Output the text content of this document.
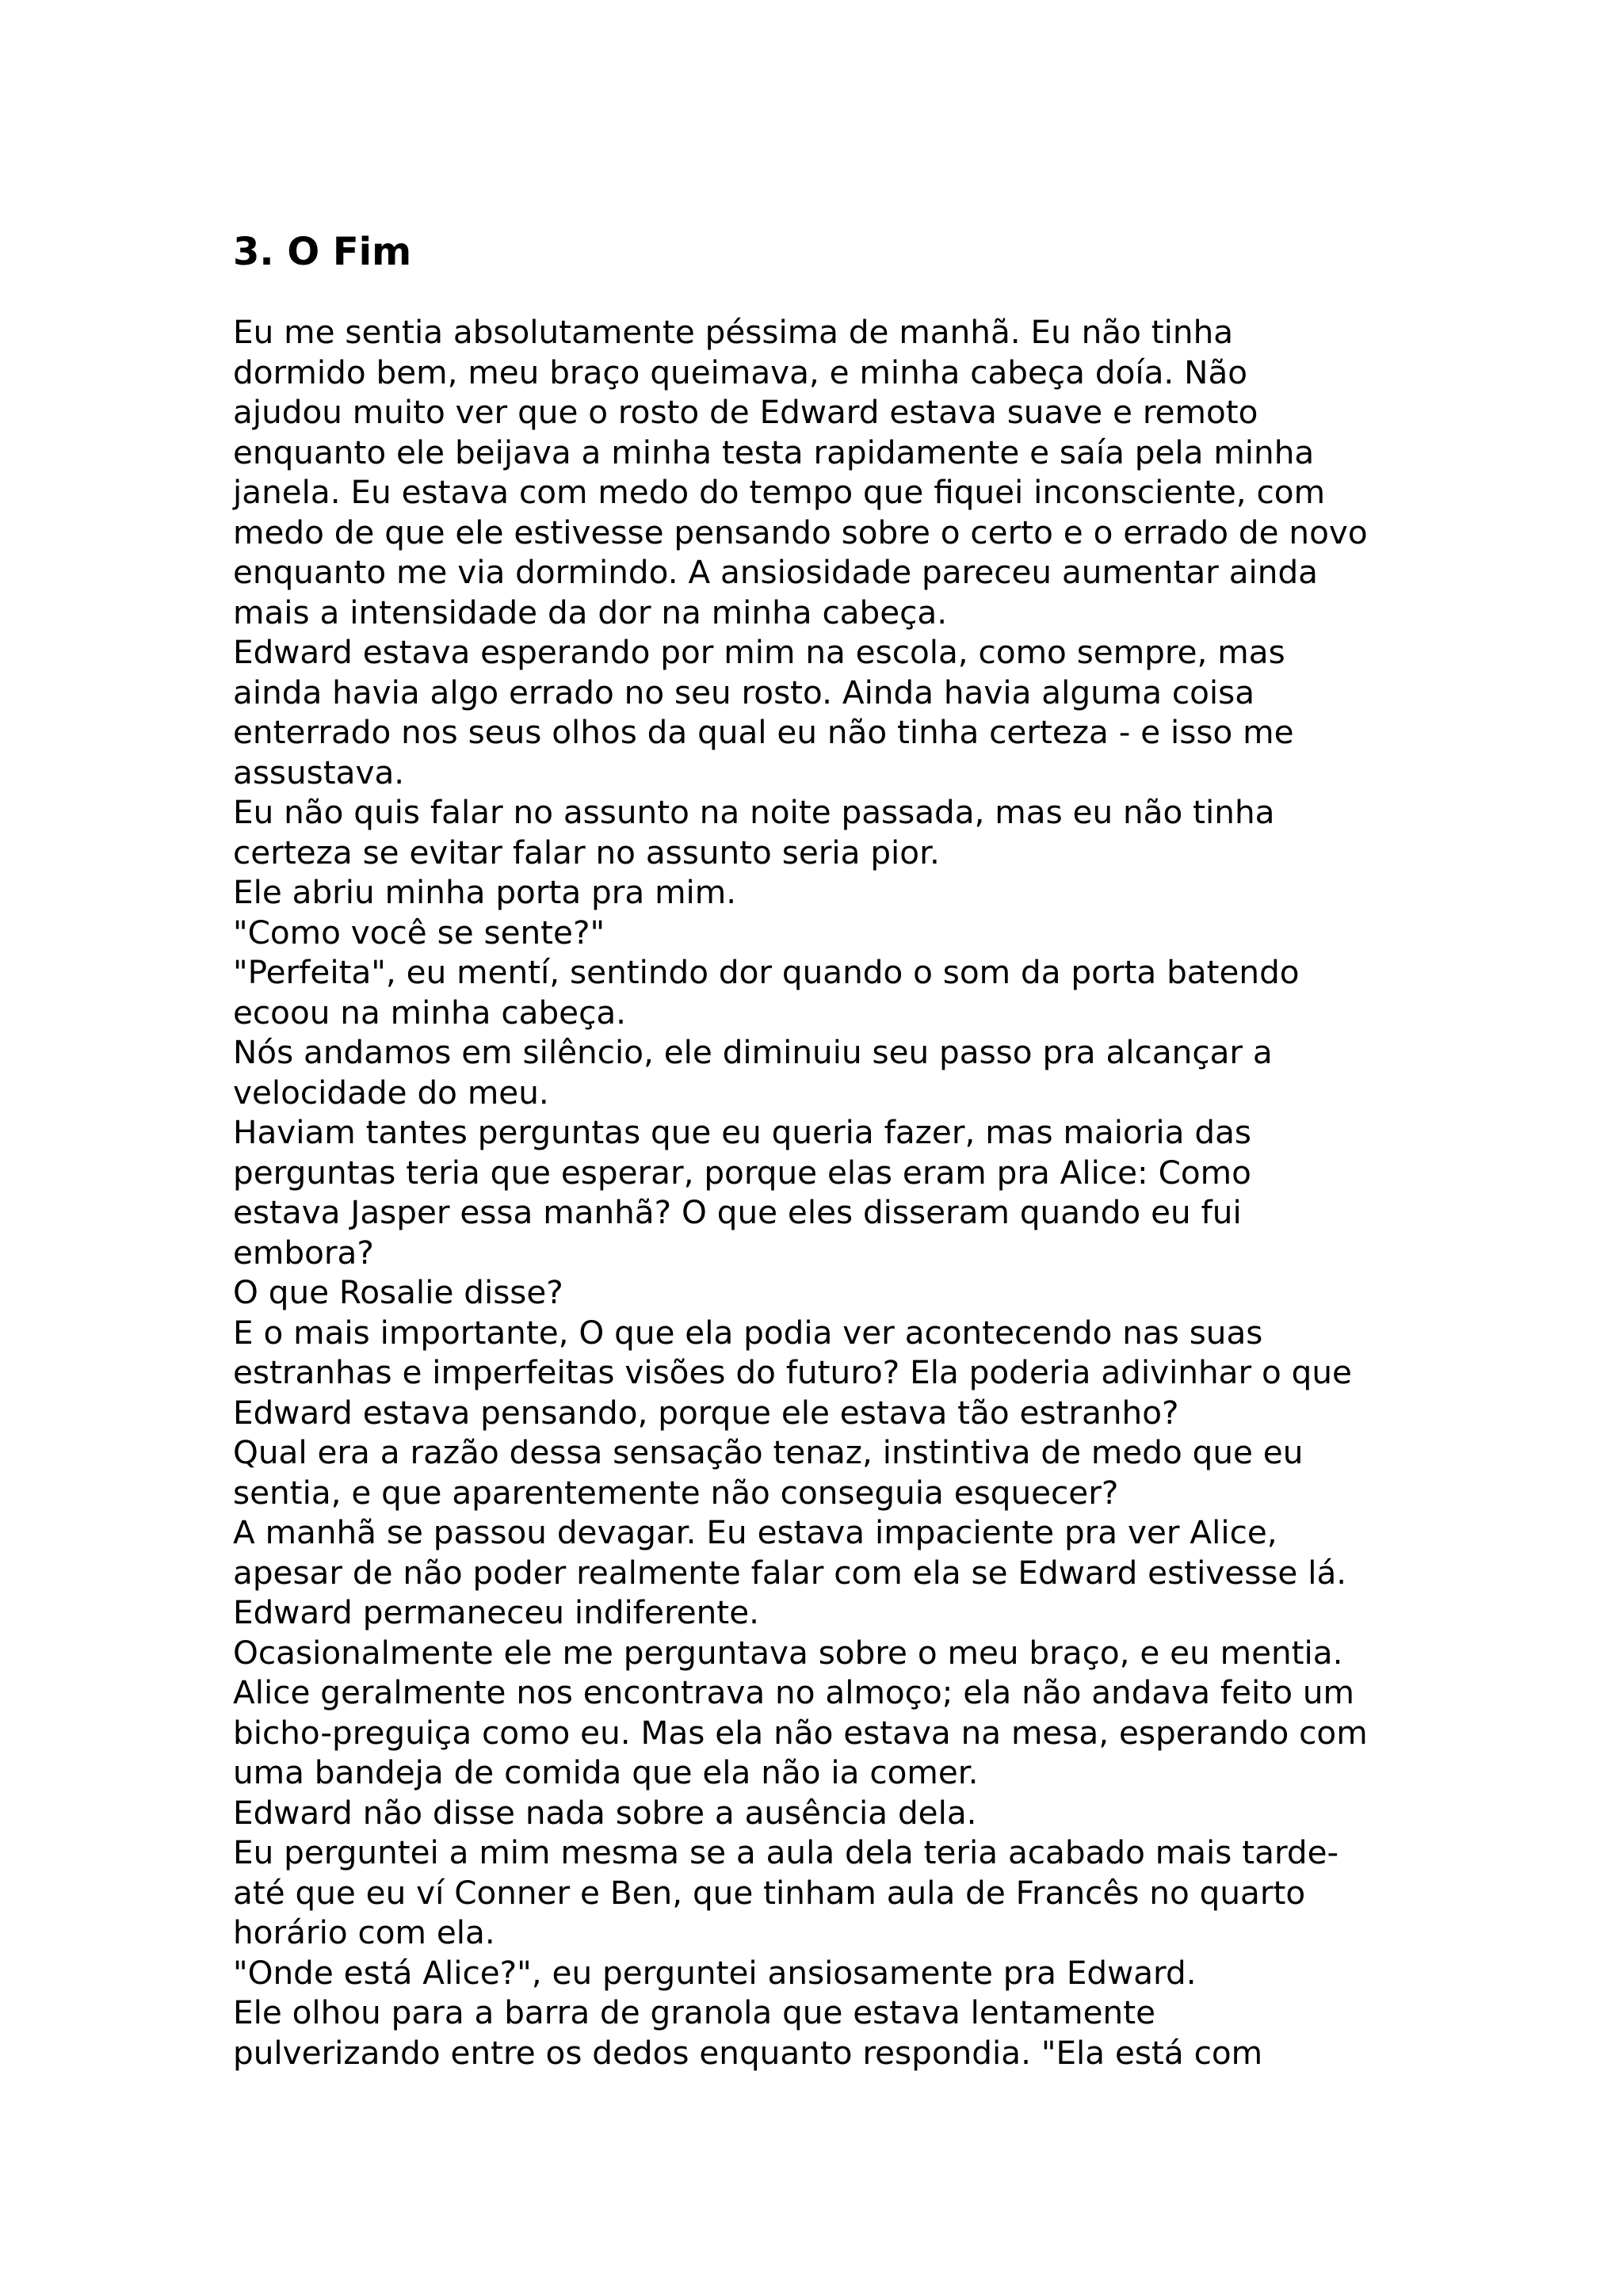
3. O Fim
Eu me sentia absolutamente péssima de manhã. Eu não tinha
dormido bem, meu braço queimava, e minha cabeça doía. Não
ajudou muito ver que o rosto de Edward estava suave e remoto
enquanto ele beijava a minha testa rapidamente e saía pela minha
janela. Eu estava com medo do tempo que fiquei inconsciente, com
medo de que ele estivesse pensando sobre o certo e o errado de novo
enquanto me via dormindo. A ansiosidade pareceu aumentar ainda
mais a intensidade da dor na minha cabeça.
Edward estava esperando por mim na escola, como sempre, mas
ainda havia algo errado no seu rosto. Ainda havia alguma coisa
enterrado nos seus olhos da qual eu não tinha certeza - e isso me
assustava.
Eu não quis falar no assunto na noite passada, mas eu não tinha
certeza se evitar falar no assunto seria pior.
Ele abriu minha porta pra mim.
"Como você se sente?"
"Perfeita", eu mentí, sentindo dor quando o som da porta batendo
ecoou na minha cabeça.
Nós andamos em silêncio, ele diminuiu seu passo pra alcançar a
velocidade do meu.
Haviam tantes perguntas que eu queria fazer, mas maioria das
perguntas teria que esperar, porque elas eram pra Alice: Como
estava Jasper essa manhã? O que eles disseram quando eu fui
embora?
O que Rosalie disse?
E o mais importante, O que ela podia ver acontecendo nas suas
estranhas e imperfeitas visões do futuro? Ela poderia adivinhar o que
Edward estava pensando, porque ele estava tão estranho?
Qual era a razão dessa sensação tenaz, instintiva de medo que eu
sentia, e que aparentemente não conseguia esquecer?
A manhã se passou devagar. Eu estava impaciente pra ver Alice,
apesar de não poder realmente falar com ela se Edward estivesse lá.
Edward permaneceu indiferente.
Ocasionalmente ele me perguntava sobre o meu braço, e eu mentia.
Alice geralmente nos encontrava no almoço; ela não andava feito um
bicho-preguiça como eu. Mas ela não estava na mesa, esperando com
uma bandeja de comida que ela não ia comer.
Edward não disse nada sobre a ausência dela.
Eu perguntei a mim mesma se a aula dela teria acabado mais tarde-
até que eu ví Conner e Ben, que tinham aula de Francês no quarto
horário com ela.
"Onde está Alice?", eu perguntei ansiosamente pra Edward.
Ele olhou para a barra de granola que estava lentamente
pulverizando entre os dedos enquanto respondia. "Ela está com
